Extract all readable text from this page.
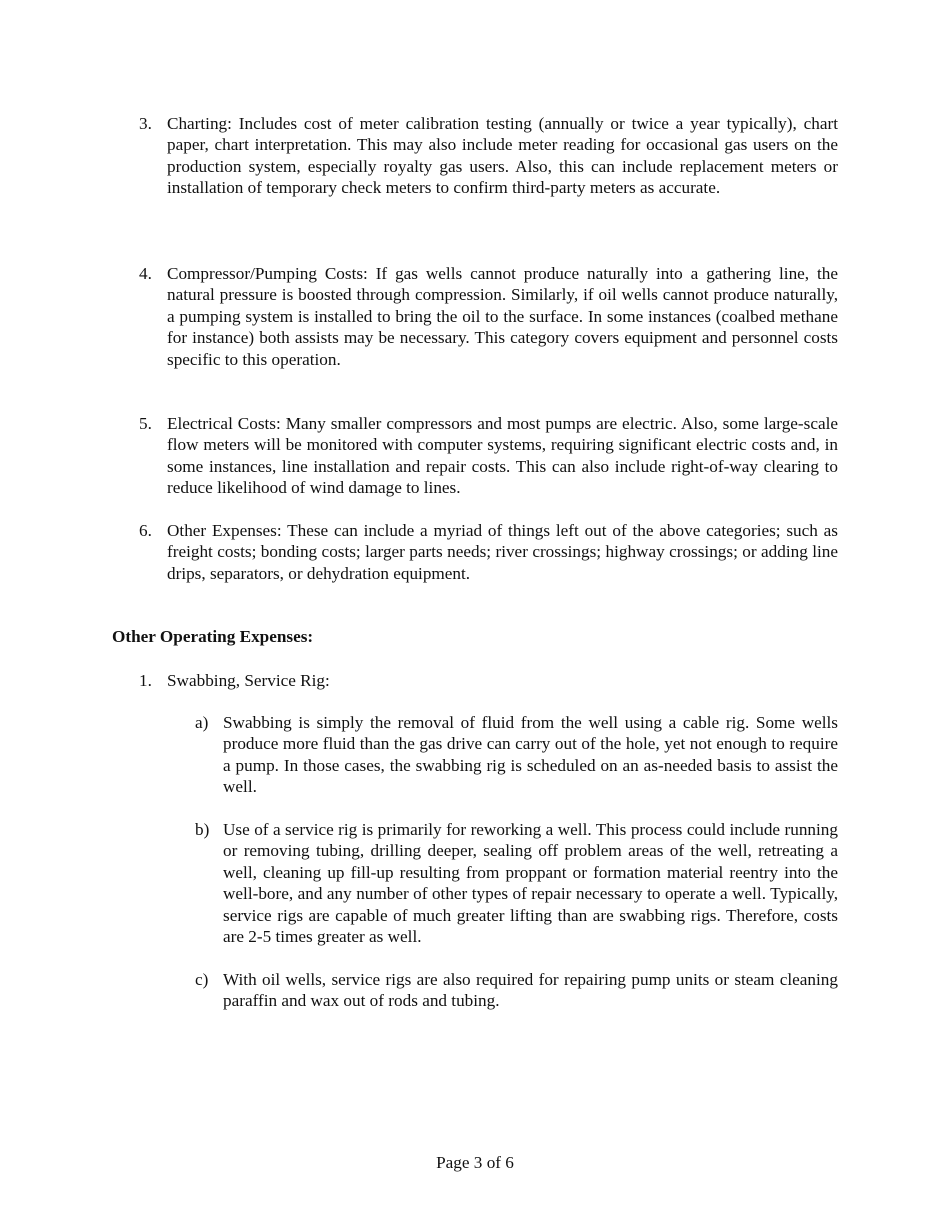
3. Charting: Includes cost of meter calibration testing (annually or twice a year typically), chart paper, chart interpretation. This may also include meter reading for occasional gas users on the production system, especially royalty gas users. Also, this can include replacement meters or installation of temporary check meters to confirm third-party meters as accurate.
4. Compressor/Pumping Costs: If gas wells cannot produce naturally into a gathering line, the natural pressure is boosted through compression. Similarly, if oil wells cannot produce naturally, a pumping system is installed to bring the oil to the surface. In some instances (coalbed methane for instance) both assists may be necessary. This category covers equipment and personnel costs specific to this operation.
5. Electrical Costs: Many smaller compressors and most pumps are electric. Also, some large-scale flow meters will be monitored with computer systems, requiring significant electric costs and, in some instances, line installation and repair costs. This can also include right-of-way clearing to reduce likelihood of wind damage to lines.
6. Other Expenses: These can include a myriad of things left out of the above categories; such as freight costs; bonding costs; larger parts needs; river crossings; highway crossings; or adding line drips, separators, or dehydration equipment.
Other Operating Expenses:
1. Swabbing, Service Rig:
a) Swabbing is simply the removal of fluid from the well using a cable rig. Some wells produce more fluid than the gas drive can carry out of the hole, yet not enough to require a pump. In those cases, the swabbing rig is scheduled on an as-needed basis to assist the well.
b) Use of a service rig is primarily for reworking a well. This process could include running or removing tubing, drilling deeper, sealing off problem areas of the well, retreating a well, cleaning up fill-up resulting from proppant or formation material reentry into the well-bore, and any number of other types of repair necessary to operate a well. Typically, service rigs are capable of much greater lifting than are swabbing rigs. Therefore, costs are 2-5 times greater as well.
c) With oil wells, service rigs are also required for repairing pump units or steam cleaning paraffin and wax out of rods and tubing.
Page 3 of 6
